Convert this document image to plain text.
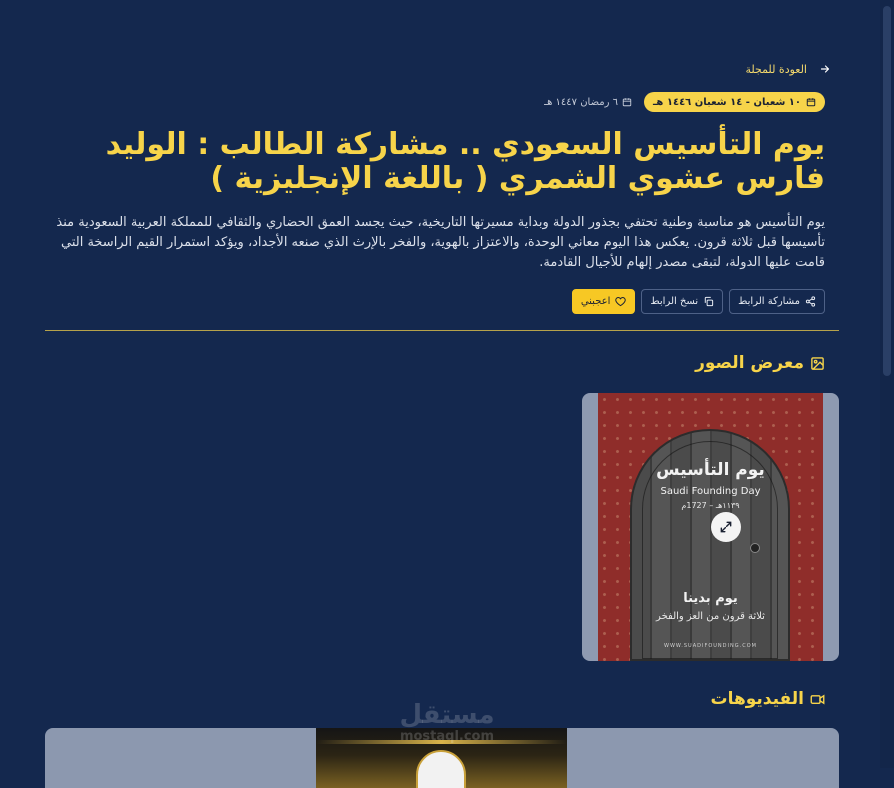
العودة للمجلة
١٠ شعبان - ١٤ شعبان ١٤٤٦ هـ
٦ رمضان ١٤٤٧ هـ
يوم التأسيس السعودي .. مشاركة الطالب : الوليد فارس عشوي الشمري ( باللغة الإنجليزية )

يوم التأسيس هو مناسبة وطنية تحتفي بجذور الدولة وبداية مسيرتها التاريخية، حيث يجسد العمق الحضاري والثقافي للمملكة العربية السعودية منذ تأسيسها قبل ثلاثة قرون. يعكس هذا اليوم معاني الوحدة، والاعتزاز بالهوية، والفخر بالإرث الذي صنعه الأجداد، ويؤكد استمرار القيم الراسخة التي قامت عليها الدولة، لتبقى مصدر إلهام للأجيال القادمة.

مشاركة الرابط
نسخ الرابط
اعجبني
معرض الصور
يوم التأسيس
Saudi Founding Day
١١٣٩هـ – 1727م
يوم بدينا
ثلاثة قرون من العز والفخر
WWW.SUADIFOUNDING.COM
الفيديوهات
مستقل
